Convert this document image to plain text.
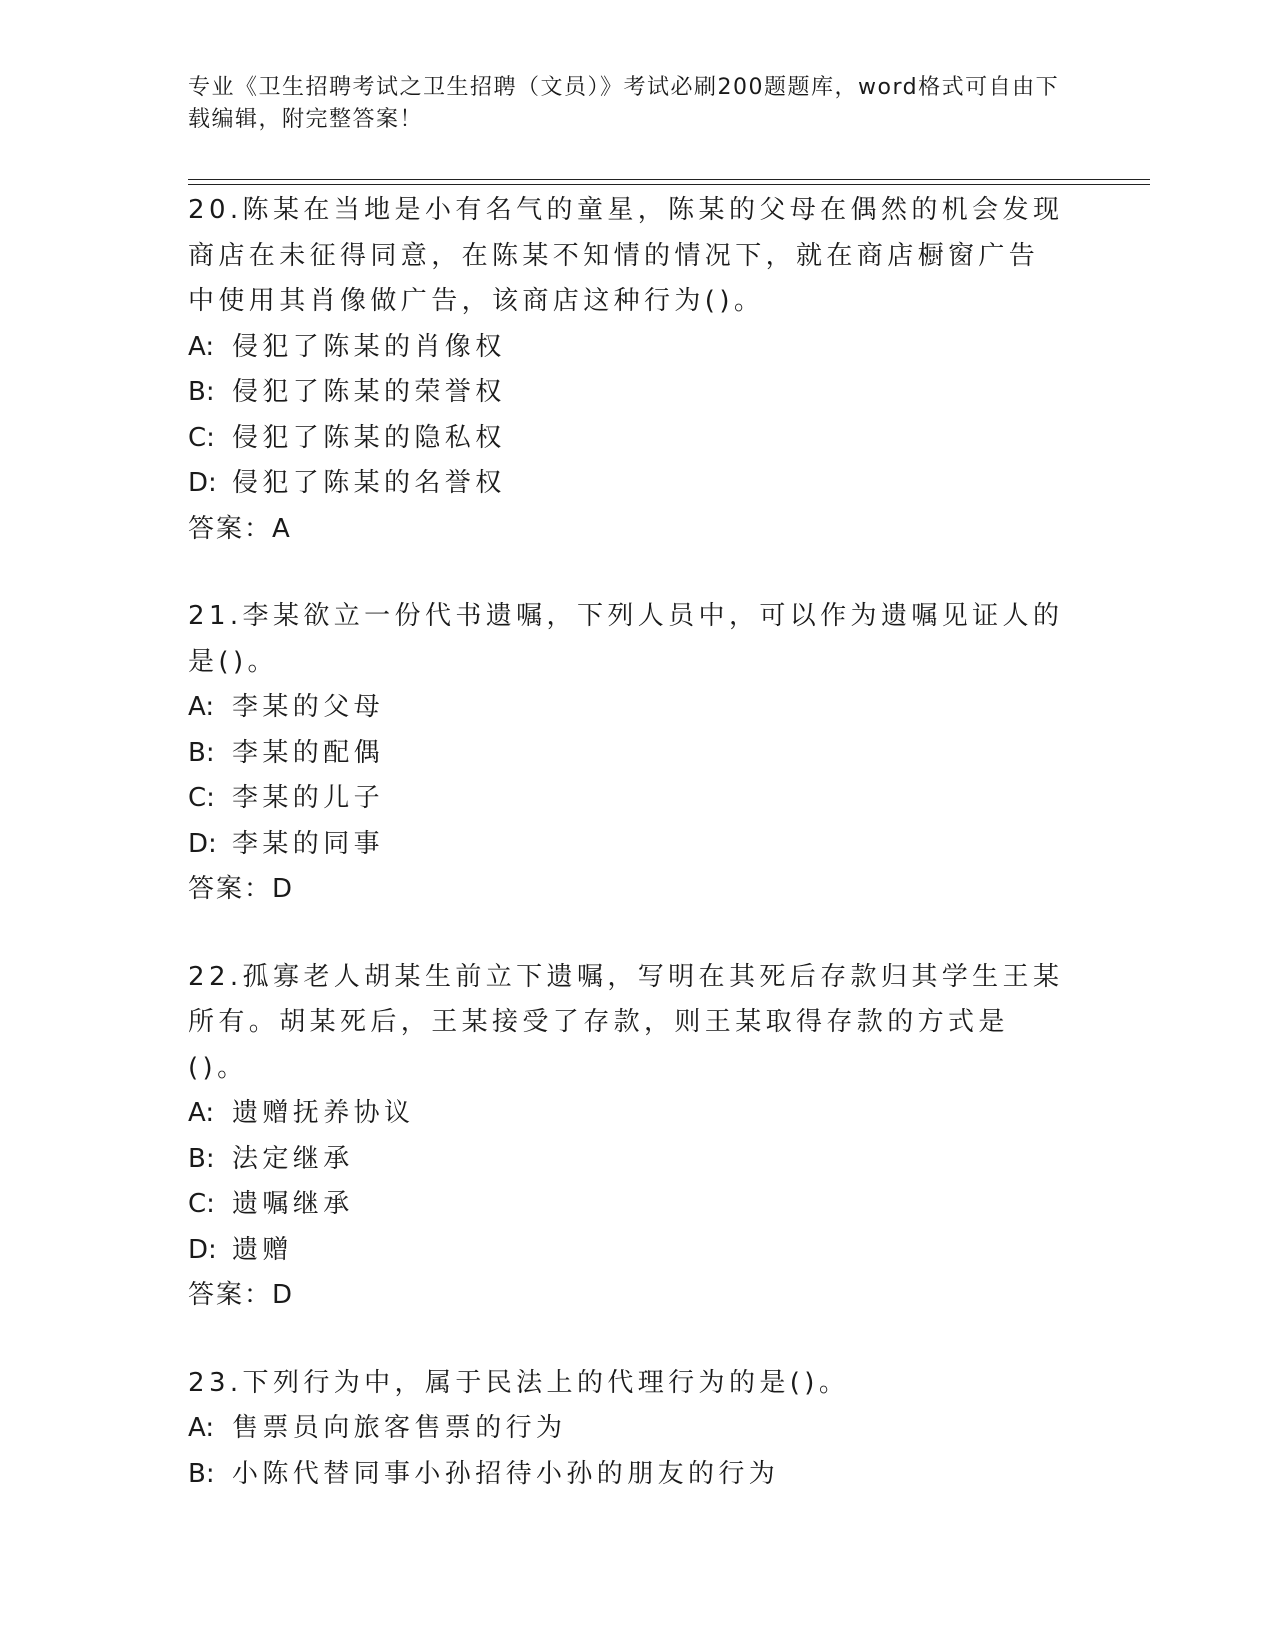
专业《卫生招聘考试之卫生招聘（文员）》考试必刷200题题库，word格式可自由下载编辑，附完整答案！

20.陈某在当地是小有名气的童星，陈某的父母在偶然的机会发现商店在未征得同意，在陈某不知情的情况下，就在商店橱窗广告中使用其肖像做广告，该商店这种行为()。

A: 侵犯了陈某的肖像权

B: 侵犯了陈某的荣誉权

C: 侵犯了陈某的隐私权

D: 侵犯了陈某的名誉权

答案：A

21.李某欲立一份代书遗嘱，下列人员中，可以作为遗嘱见证人的是()。

A: 李某的父母

B: 李某的配偶

C: 李某的儿子

D: 李某的同事

答案：D

22.孤寡老人胡某生前立下遗嘱，写明在其死后存款归其学生王某所有。胡某死后，王某接受了存款，则王某取得存款的方式是()。

A: 遗赠抚养协议

B: 法定继承

C: 遗嘱继承

D: 遗赠

答案：D

23.下列行为中，属于民法上的代理行为的是()。

A: 售票员向旅客售票的行为

B: 小陈代替同事小孙招待小孙的朋友的行为
